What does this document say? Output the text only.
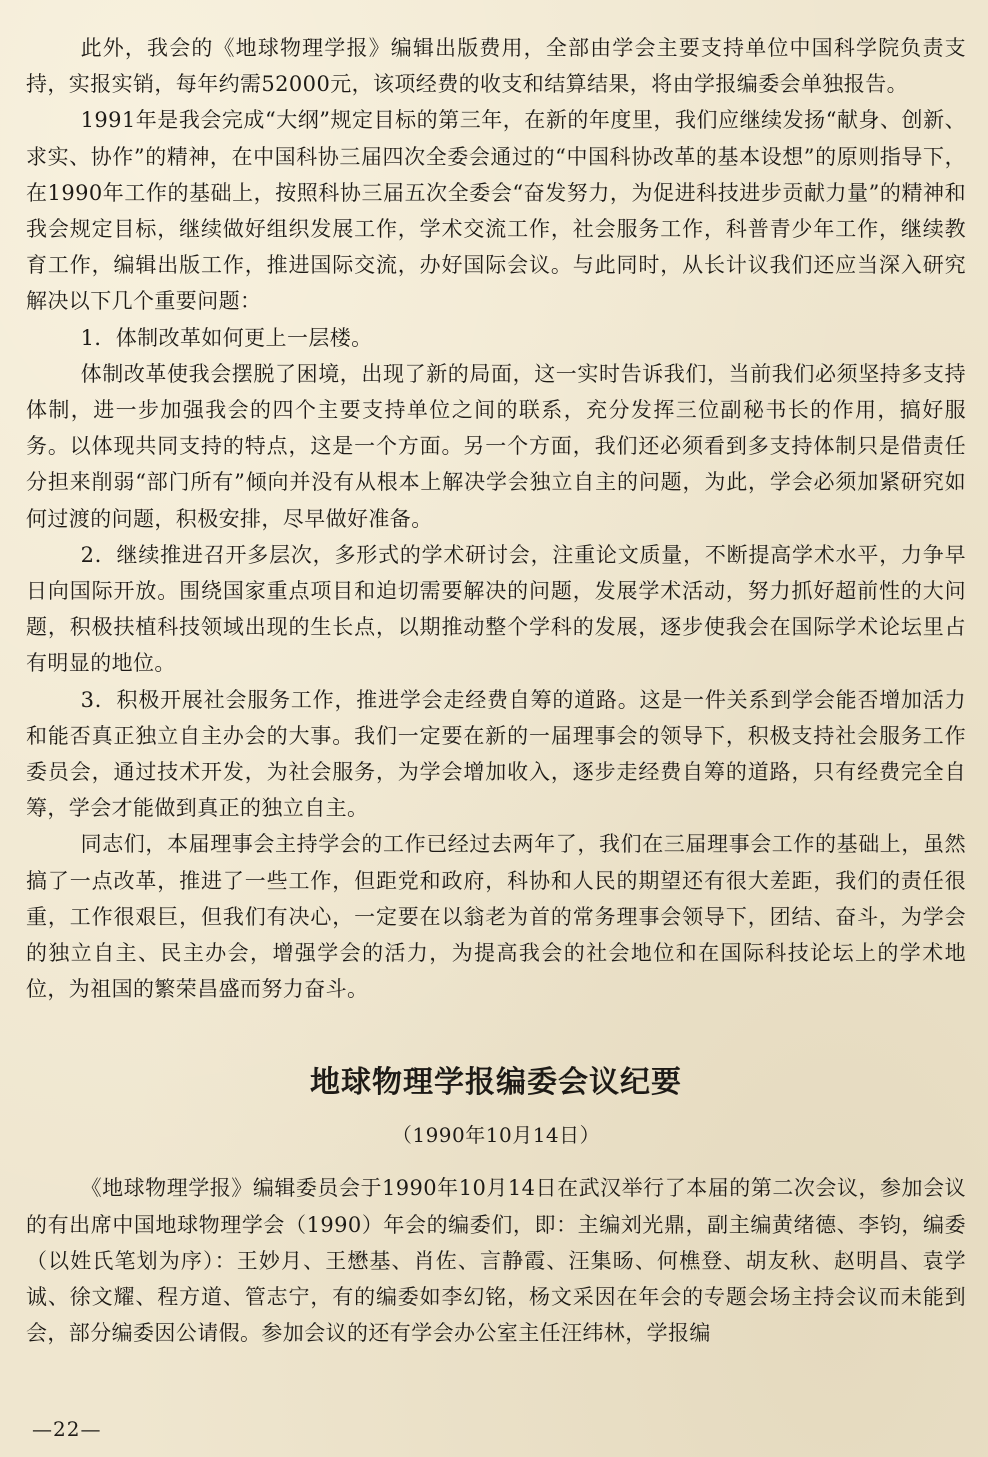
此外，我会的《地球物理学报》编辑出版费用，全部由学会主要支持单位中国科学院负责支持，实报实销，每年约需52000元，该项经费的收支和结算结果，将由学报编委会单独报告。

1991年是我会完成“大纲”规定目标的第三年，在新的年度里，我们应继续发扬“献身、创新、求实、协作”的精神，在中国科协三届四次全委会通过的“中国科协改革的基本设想”的原则指导下，在1990年工作的基础上，按照科协三届五次全委会“奋发努力，为促进科技进步贡献力量”的精神和我会规定目标，继续做好组织发展工作，学术交流工作，社会服务工作，科普青少年工作，继续教育工作，编辑出版工作，推进国际交流，办好国际会议。与此同时，从长计议我们还应当深入研究解决以下几个重要问题：

1．体制改革如何更上一层楼。

体制改革使我会摆脱了困境，出现了新的局面，这一实时告诉我们，当前我们必须坚持多支持体制，进一步加强我会的四个主要支持单位之间的联系，充分发挥三位副秘书长的作用，搞好服务。以体现共同支持的特点，这是一个方面。另一个方面，我们还必须看到多支持体制只是借责任分担来削弱“部门所有”倾向并没有从根本上解决学会独立自主的问题，为此，学会必须加紧研究如何过渡的问题，积极安排，尽早做好准备。

2．继续推进召开多层次，多形式的学术研讨会，注重论文质量，不断提高学术水平，力争早日向国际开放。围绕国家重点项目和迫切需要解决的问题，发展学术活动，努力抓好超前性的大问题，积极扶植科技领域出现的生长点，以期推动整个学科的发展，逐步使我会在国际学术论坛里占有明显的地位。

3．积极开展社会服务工作，推进学会走经费自筹的道路。这是一件关系到学会能否增加活力和能否真正独立自主办会的大事。我们一定要在新的一届理事会的领导下，积极支持社会服务工作委员会，通过技术开发，为社会服务，为学会增加收入，逐步走经费自筹的道路，只有经费完全自筹，学会才能做到真正的独立自主。

同志们，本届理事会主持学会的工作已经过去两年了，我们在三届理事会工作的基础上，虽然搞了一点改革，推进了一些工作，但距党和政府，科协和人民的期望还有很大差距，我们的责任很重，工作很艰巨，但我们有决心，一定要在以翁老为首的常务理事会领导下，团结、奋斗，为学会的独立自主、民主办会，增强学会的活力，为提高我会的社会地位和在国际科技论坛上的学术地位，为祖国的繁荣昌盛而努力奋斗。

地球物理学报编委会议纪要
（1990年10月14日）

《地球物理学报》编辑委员会于1990年10月14日在武汉举行了本届的第二次会议，参加会议的有出席中国地球物理学会（1990）年会的编委们，即：主编刘光鼎，副主编黄绪德、李钧，编委（以姓氏笔划为序）：王妙月、王懋基、肖佐、言静霞、汪集旸、何樵登、胡友秋、赵明昌、袁学诚、徐文耀、程方道、管志宁，有的编委如李幻铭，杨文采因在年会的专题会场主持会议而未能到会，部分编委因公请假。参加会议的还有学会办公室主任汪纬林，学报编

—22—
